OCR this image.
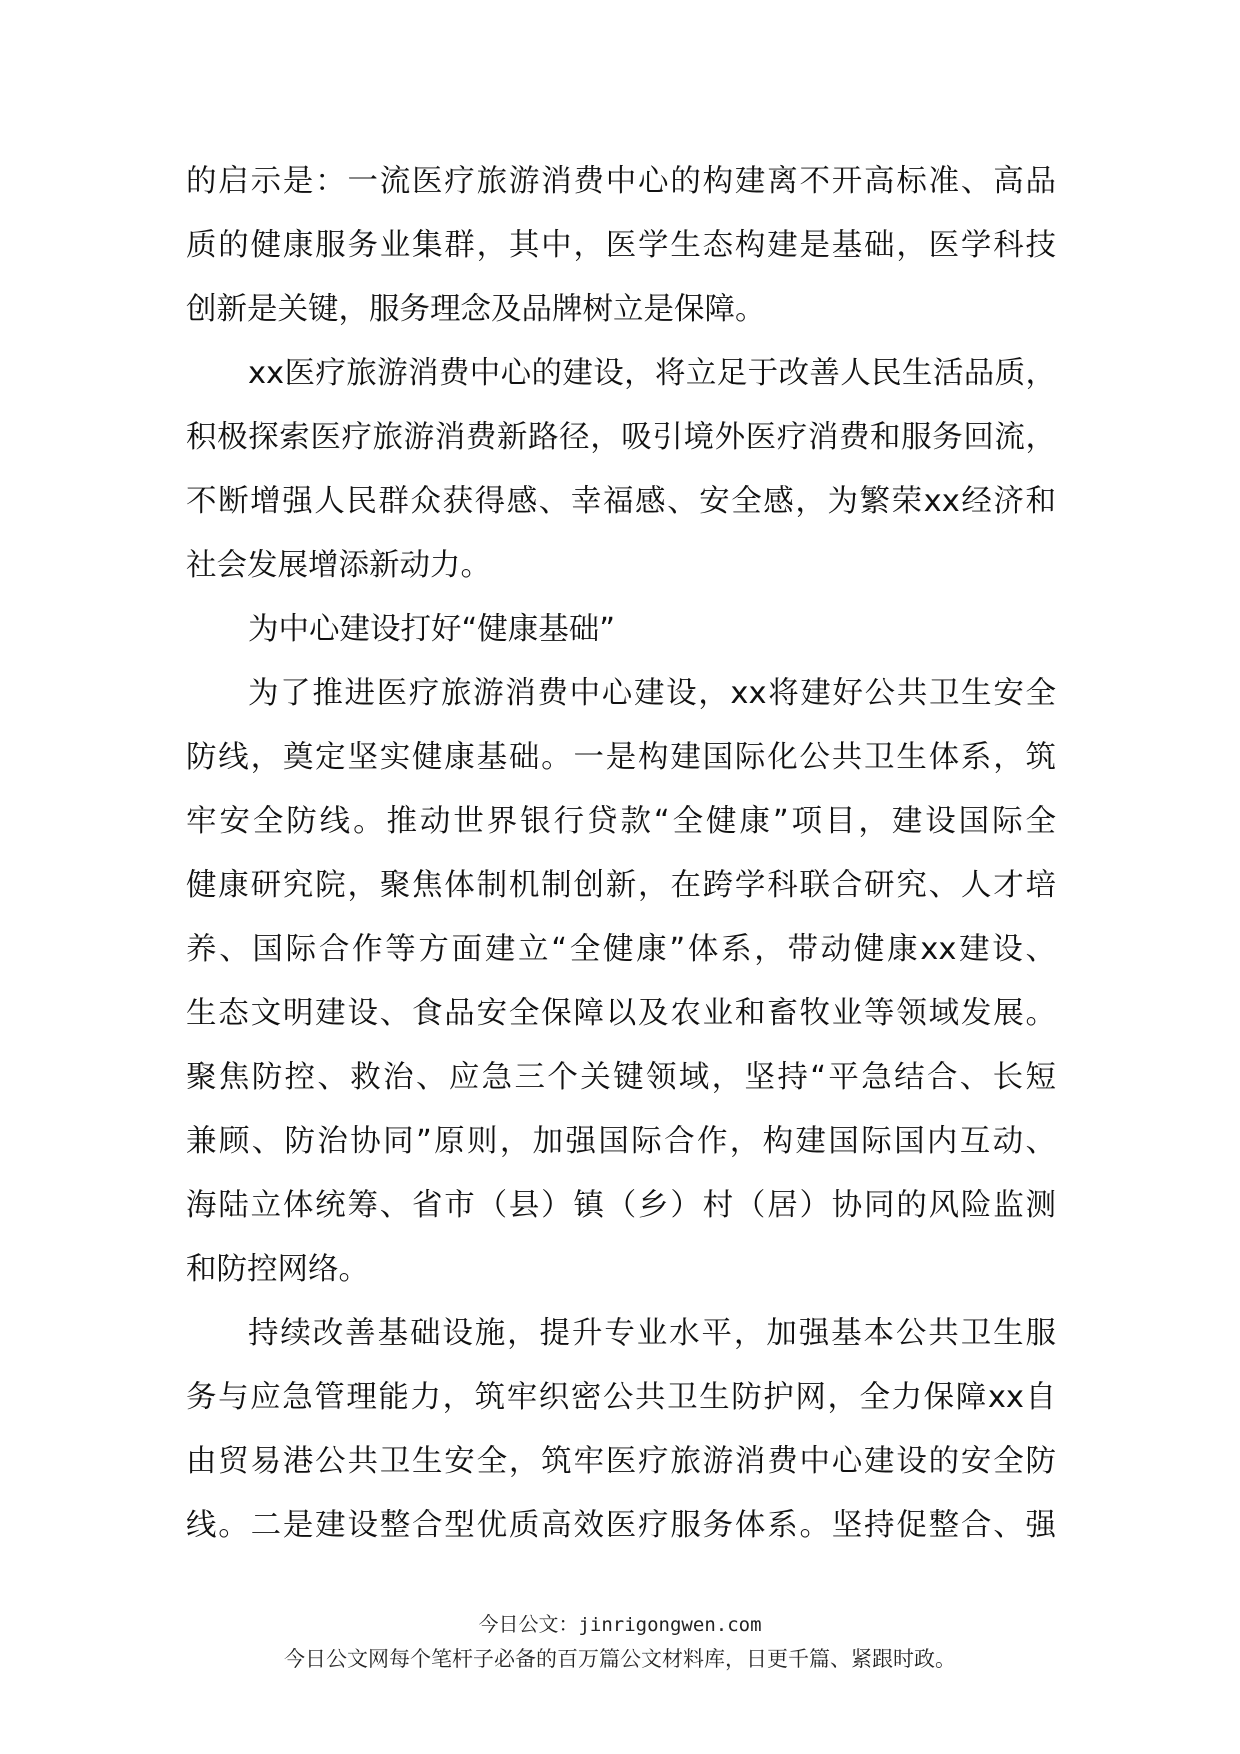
的启示是：一流医疗旅游消费中心的构建离不开高标准、高品
质的健康服务业集群，其中，医学生态构建是基础，医学科技
创新是关键，服务理念及品牌树立是保障。
xx医疗旅游消费中心的建设，将立足于改善人民生活品质，
积极探索医疗旅游消费新路径，吸引境外医疗消费和服务回流，
不断增强人民群众获得感、幸福感、安全感，为繁荣xx经济和
社会发展增添新动力。
为中心建设打好“健康基础”
为了推进医疗旅游消费中心建设，xx将建好公共卫生安全
防线，奠定坚实健康基础。一是构建国际化公共卫生体系，筑
牢安全防线。推动世界银行贷款“全健康”项目，建设国际全
健康研究院，聚焦体制机制创新，在跨学科联合研究、人才培
养、国际合作等方面建立“全健康”体系，带动健康xx建设、
生态文明建设、食品安全保障以及农业和畜牧业等领域发展。
聚焦防控、救治、应急三个关键领域，坚持“平急结合、长短
兼顾、防治协同”原则，加强国际合作，构建国际国内互动、
海陆立体统筹、省市（县）镇（乡）村（居）协同的风险监测
和防控网络。
持续改善基础设施，提升专业水平，加强基本公共卫生服
务与应急管理能力，筑牢织密公共卫生防护网，全力保障xx自
由贸易港公共卫生安全，筑牢医疗旅游消费中心建设的安全防
线。二是建设整合型优质高效医疗服务体系。坚持促整合、强
今日公文：jinrigongwen.com
今日公文网每个笔杆子必备的百万篇公文材料库，日更千篇、紧跟时政。
